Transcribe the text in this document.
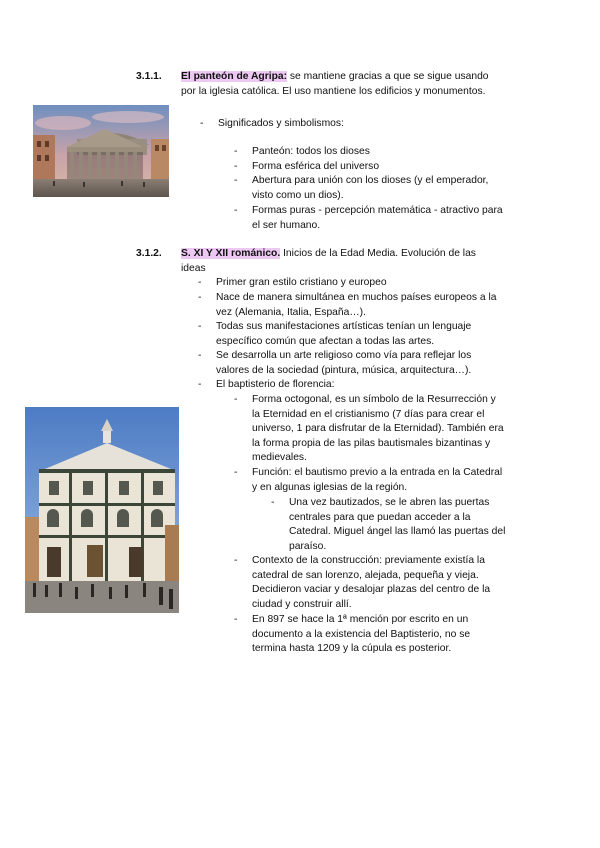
3.1.1. El panteón de Agripa: se mantiene gracias a que se sigue usando
por la iglesia católica. El uso mantiene los edificios y monumentos.
- Significados y simbolismos:
- Panteón: todos los dioses
- Forma esférica del universo
- Abertura para unión con los dioses (y el emperador,
visto como un dios).
- Formas puras - percepción matemática - atractivo para
el ser humano.
3.1.2. S. XI Y XII románico. Inicios de la Edad Media. Evolución de las
ideas
- Primer gran estilo cristiano y europeo
- Nace de manera simultánea en muchos países europeos a la
vez (Alemania, Italia, España…).
- Todas sus manifestaciones artísticas tenían un lenguaje
específico común que afectan a todas las artes.
- Se desarrolla un arte religioso como vía para reflejar los
valores de la sociedad (pintura, música, arquitectura…).
- El baptisterio de florencia:
- Forma octogonal, es un símbolo de la Resurrección y
la Eternidad en el cristianismo (7 días para crear el
universo, 1 para disfrutar de la Eternidad). También era
la forma propia de las pilas bautismales bizantinas y
medievales.
- Función: el bautismo previo a la entrada en la Catedral
y en algunas iglesias de la región.
- Una vez bautizados, se le abren las puertas
centrales para que puedan acceder a la
Catedral. Miguel ángel las llamó las puertas del
paraíso.
- Contexto de la construcción: previamente existía la
catedral de san lorenzo, alejada, pequeña y vieja.
Decidieron vaciar y desalojar plazas del centro de la
ciudad y construir allí.
- En 897 se hace la 1ª mención por escrito en un
documento a la existencia del Baptisterio, no se
termina hasta 1209 y la cúpula es posterior.
